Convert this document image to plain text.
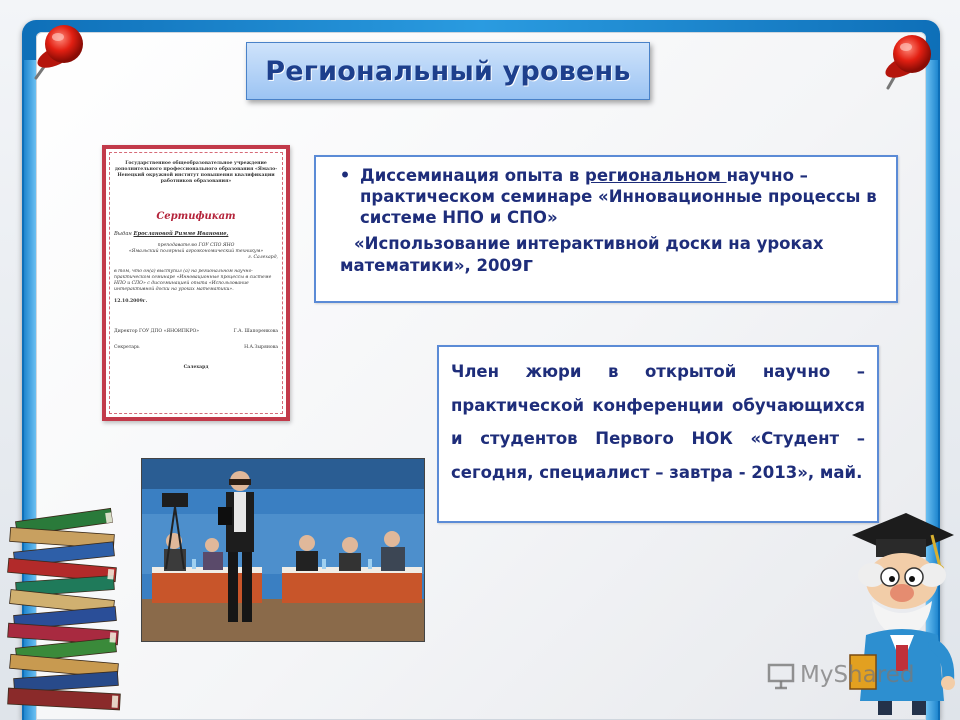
Региональный уровень
Государственное общеобразовательное учреждение дополнительного профессионального образования «Ямало-Ненецкий окружной институт повышения квалификации работников образования»
Сертификат
Выдан Ерослановой Римме Ивановне,
преподавателю ГОУ СПО ЯНО
«Ямальский полярный агроэкономический техникум»
г. Салехард,
в том, что он(а) выступил (а) на региональном научно-практическом семинаре «Инновационные процессы в системе НПО и СПО» с диссеминацией опыта «Использование интерактивной доски на уроках математики».
12.10.2009г.
Директор ГОУ ДПО «ЯНОИПКРО»	Г.А. Шапоренкова
Секретарь	Н.А.Зыряновa
Салехард
• Диссеминация опыта в региональном научно – практическом семинаре «Инновационные процессы в системе НПО и СПО»
«Использование интерактивной доски на уроках математики», 2009г
Член жюри в открытой научно – практической конференции обучающихся и студентов Первого НОК «Студент – сегодня, специалист – завтра - 2013», май.
MyShared
